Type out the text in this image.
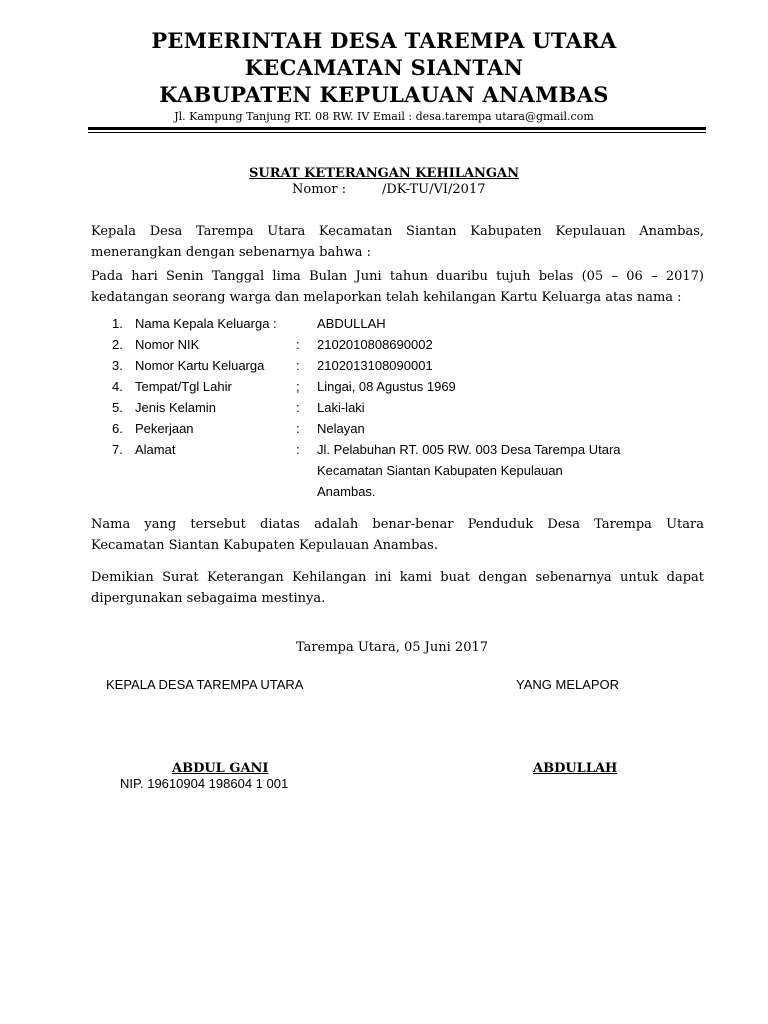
PEMERINTAH DESA TAREMPA UTARA
KECAMATAN SIANTAN
KABUPATEN KEPULAUAN ANAMBAS
Jl. Kampung Tanjung RT. 08 RW. IV Email : desa.tarempa utara@gmail.com
SURAT KETERANGAN KEHILANGAN
Nomor :	/DK-TU/VI/2017
Kepala Desa Tarempa Utara Kecamatan Siantan Kabupaten Kepulauan Anambas,
menerangkan dengan sebenarnya bahwa :
Pada hari Senin Tanggal lima Bulan Juni tahun duaribu tujuh belas (05 – 06 – 2017)
kedatangan seorang warga dan melaporkan telah kehilangan Kartu Keluarga atas nama :
1. Nama Kepala Keluarga :	ABDULLAH
2. Nomor NIK	: 2102010808690002
3. Nomor Kartu Keluarga : 2102013108090001
4. Tempat/Tgl Lahir	; Lingai, 08 Agustus 1969
5. Jenis Kelamin	: Laki-laki
6. Pekerjaan	: Nelayan
7. Alamat	: Jl. Pelabuhan RT. 005 RW. 003 Desa Tarempa Utara
Kecamatan Siantan Kabupaten Kepulauan
Anambas.
Nama yang tersebut diatas adalah benar-benar Penduduk Desa Tarempa Utara
Kecamatan Siantan Kabupaten Kepulauan Anambas.
Demikian Surat Keterangan Kehilangan ini kami buat dengan sebenarnya untuk dapat
dipergunakan sebagaima mestinya.
Tarempa Utara, 05 Juni 2017
KEPALA DESA TAREMPA UTARA	YANG MELAPOR
ABDUL GANI	ABDULLAH
NIP. 19610904 198604 1 001
